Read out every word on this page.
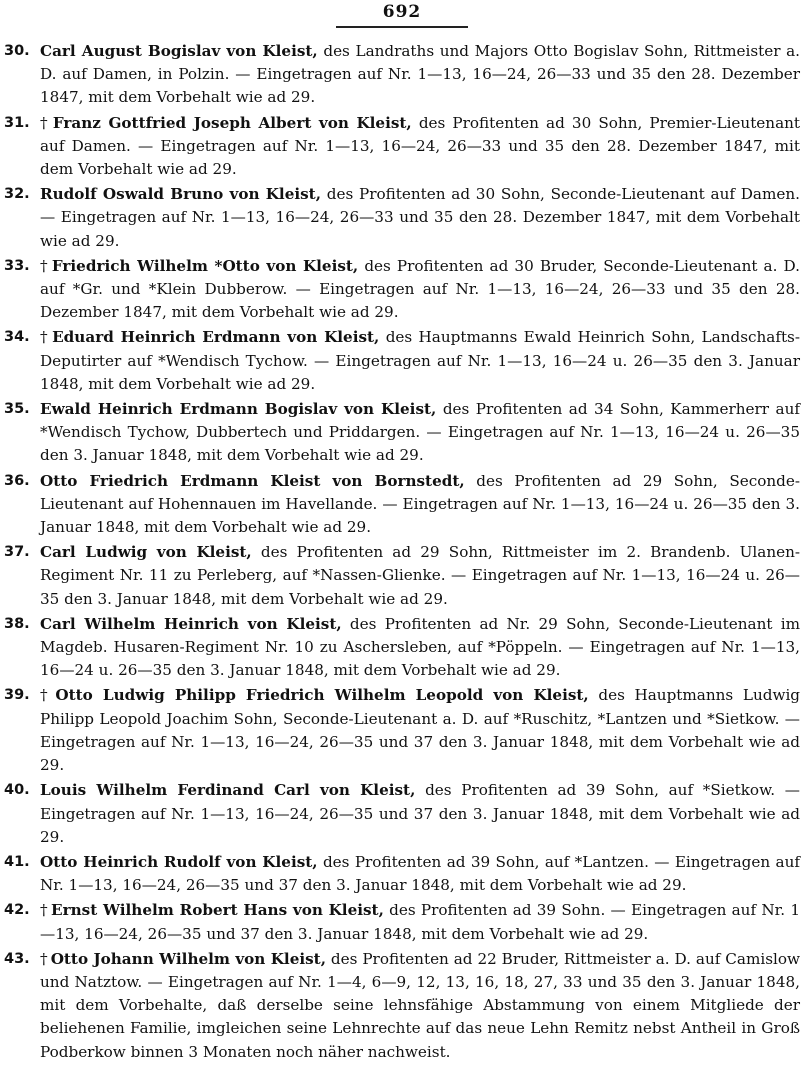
692

30. Carl August Bogislav von Kleist, des Landraths und Majors Otto Bogislav Sohn, Rittmeister a. D. auf Damen, in Polzin. — Eingetragen auf Nr. 1—13, 16—24, 26—33 und 35 den 28. Dezember 1847, mit dem Vorbehalt wie ad 29.

31. † Franz Gottfried Joseph Albert von Kleist, des Profitenten ad 30 Sohn, Premier-Lieutenant auf Damen. — Eingetragen auf Nr. 1—13, 16—24, 26—33 und 35 den 28. Dezember 1847, mit dem Vorbehalt wie ad 29.

32. Rudolf Oswald Bruno von Kleist, des Profitenten ad 30 Sohn, Seconde-Lieutenant auf Damen. — Eingetragen auf Nr. 1—13, 16—24, 26—33 und 35 den 28. Dezember 1847, mit dem Vorbehalt wie ad 29.

33. † Friedrich Wilhelm *Otto von Kleist, des Profitenten ad 30 Bruder, Seconde-Lieutenant a. D. auf *Gr. und *Klein Dubberow. — Eingetragen auf Nr. 1—13, 16—24, 26—33 und 35 den 28. Dezember 1847, mit dem Vorbehalt wie ad 29.

34. † Eduard Heinrich Erdmann von Kleist, des Hauptmanns Ewald Heinrich Sohn, Landschafts-Deputirter auf *Wendisch Tychow. — Eingetragen auf Nr. 1—13, 16—24 u. 26—35 den 3. Januar 1848, mit dem Vorbehalt wie ad 29.

35. Ewald Heinrich Erdmann Bogislav von Kleist, des Profitenten ad 34 Sohn, Kammerherr auf *Wendisch Tychow, Dubbertech und Priddargen. — Eingetragen auf Nr. 1—13, 16—24 u. 26—35 den 3. Januar 1848, mit dem Vorbehalt wie ad 29.

36. Otto Friedrich Erdmann Kleist von Bornstedt, des Profitenten ad 29 Sohn, Seconde-Lieutenant auf Hohennauen im Havellande. — Eingetragen auf Nr. 1—13, 16—24 u. 26—35 den 3. Januar 1848, mit dem Vorbehalt wie ad 29.

37. Carl Ludwig von Kleist, des Profitenten ad 29 Sohn, Rittmeister im 2. Brandenb. Ulanen-Regiment Nr. 11 zu Perleberg, auf *Nassen-Glienke. — Eingetragen auf Nr. 1—13, 16—24 u. 26—35 den 3. Januar 1848, mit dem Vorbehalt wie ad 29.

38. Carl Wilhelm Heinrich von Kleist, des Profitenten ad Nr. 29 Sohn, Seconde-Lieutenant im Magdeb. Husaren-Regiment Nr. 10 zu Aschersleben, auf *Pöppeln. — Eingetragen auf Nr. 1—13, 16—24 u. 26—35 den 3. Januar 1848, mit dem Vorbehalt wie ad 29.

39. † Otto Ludwig Philipp Friedrich Wilhelm Leopold von Kleist, des Hauptmanns Ludwig Philipp Leopold Joachim Sohn, Seconde-Lieutenant a. D. auf *Ruschitz, *Lantzen und *Sietkow. — Eingetragen auf Nr. 1—13, 16—24, 26—35 und 37 den 3. Januar 1848, mit dem Vorbehalt wie ad 29.

40. Louis Wilhelm Ferdinand Carl von Kleist, des Profitenten ad 39 Sohn, auf *Sietkow. — Eingetragen auf Nr. 1—13, 16—24, 26—35 und 37 den 3. Januar 1848, mit dem Vorbehalt wie ad 29.

41. Otto Heinrich Rudolf von Kleist, des Profitenten ad 39 Sohn, auf *Lantzen. — Eingetragen auf Nr. 1—13, 16—24, 26—35 und 37 den 3. Januar 1848, mit dem Vorbehalt wie ad 29.

42. † Ernst Wilhelm Robert Hans von Kleist, des Profitenten ad 39 Sohn. — Eingetragen auf Nr. 1—13, 16—24, 26—35 und 37 den 3. Januar 1848, mit dem Vorbehalt wie ad 29.

43. † Otto Johann Wilhelm von Kleist, des Profitenten ad 22 Bruder, Rittmeister a. D. auf Camislow und Natztow. — Eingetragen auf Nr. 1—4, 6—9, 12, 13, 16, 18, 27, 33 und 35 den 3. Januar 1848, mit dem Vorbehalte, daß derselbe seine lehnsfähige Abstammung von einem Mitgliede der beliehenen Familie, imgleichen seine Lehnrechte auf das neue Lehn Remitz nebst Antheil in Groß Podberkow binnen 3 Monaten noch näher nachweist.
